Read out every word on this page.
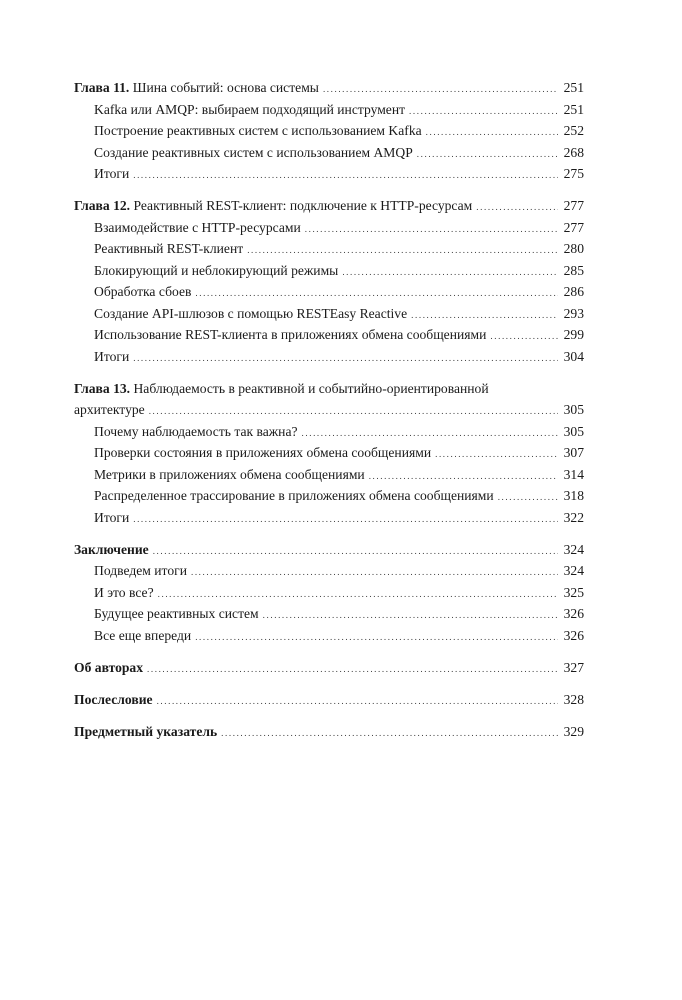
Глава 11. Шина событий: основа системы .....	251
Kafka или AMQP: выбираем подходящий инструмент .....	251
Построение реактивных систем с использованием Kafka .....	252
Создание реактивных систем с использованием AMQP .....	268
Итоги .....	275
Глава 12. Реактивный REST-клиент: подключение к HTTP-ресурсам .....	277
Взаимодействие с HTTP-ресурсами .....	277
Реактивный REST-клиент .....	280
Блокирующий и неблокирующий режимы .....	285
Обработка сбоев .....	286
Создание API-шлюзов с помощью RESTEasy Reactive .....	293
Использование REST-клиента в приложениях обмена сообщениями .....	299
Итоги .....	304
Глава 13. Наблюдаемость в реактивной и событийно-ориентированной
архитектуре .....	305
Почему наблюдаемость так важна? .....	305
Проверки состояния в приложениях обмена сообщениями .....	307
Метрики в приложениях обмена сообщениями .....	314
Распределенное трассирование в приложениях обмена сообщениями .....	318
Итоги .....	322
Заключение .....	324
Подведем итоги .....	324
И это все? .....	325
Будущее реактивных систем .....	326
Все еще впереди .....	326
Об авторах .....	327
Послесловие .....	328
Предметный указатель .....	329
